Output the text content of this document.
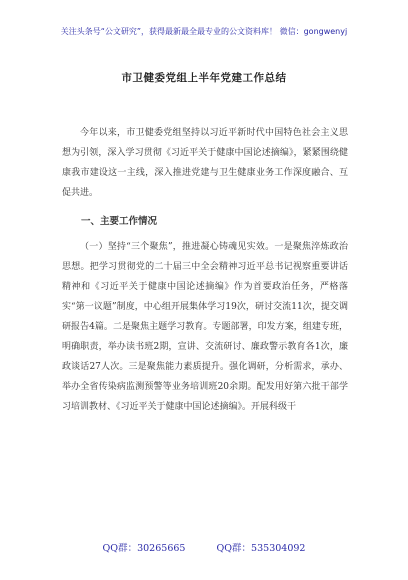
关注头条号“公文研究”，获得最新最全最专业的公文资料库！ 微信：gongwenyj
市卫健委党组上半年党建工作总结

今年以来，市卫健委党组坚持以习近平新时代中国特色社会主义思想为引领，深入学习贯彻《习近平关于健康中国论述摘编》，紧紧围绕健康我市建设这一主线，深入推进党建与卫生健康业务工作深度融合、互促共进。

一、主要工作情况

（一）坚持“三个聚焦”，推进凝心铸魂见实效。一是聚焦淬炼政治思想。把学习贯彻党的二十届三中全会精神习近平总书记视察重要讲话精神和《习近平关于健康中国论述摘编》作为首要政治任务，严格落实“第一议题”制度，中心组开展集体学习19次，研讨交流11次，提交调研报告4篇。二是聚焦主题学习教育。专题部署，印发方案，组建专班，明确职责，举办读书班2期，宣讲、交流研讨、廉政警示教育各1次，廉政谈话27人次。三是聚焦能力素质提升。强化调研，分析需求，承办、举办全省传染病监测预警等业务培训班20余期。配发用好第六批干部学习培训教材、《习近平关于健康中国论述摘编》。开展科级干

QQ群：30265665	QQ群：535304092
